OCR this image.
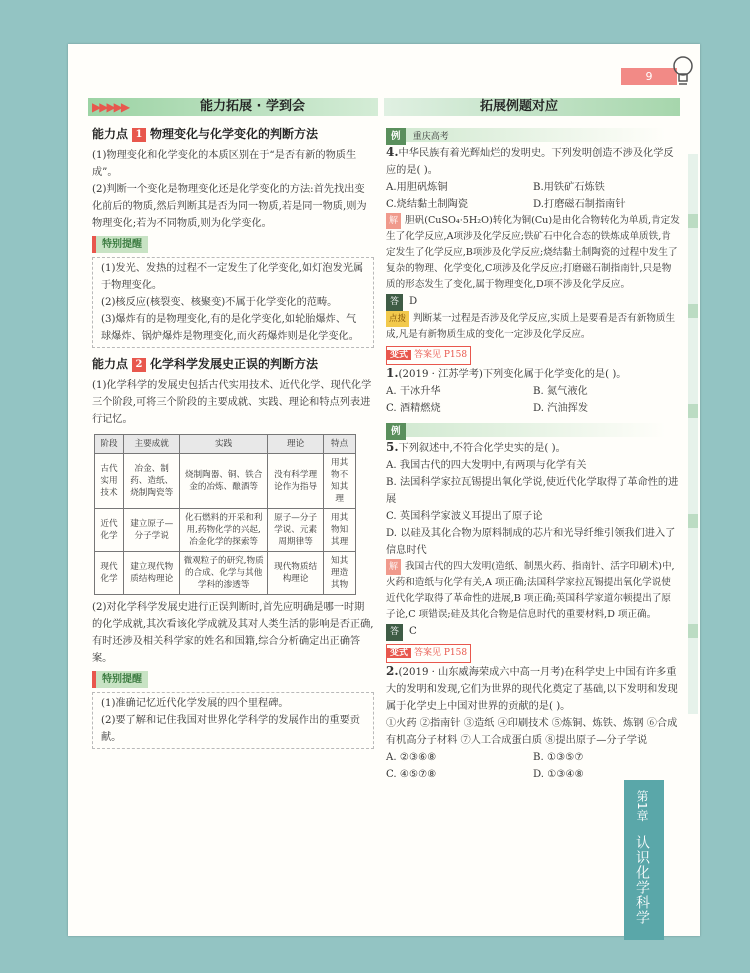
9
▶▶▶▶▶	能力拓展 · 学到会	拓展例题对应
能力点 1 物理变化与化学变化的判断方法
(1)物理变化和化学变化的本质区别在于“是否有新的物质生成”。
(2)判断一个变化是物理变化还是化学变化的方法:首先找出变化前后的物质,然后判断其是否为同一物质,若是同一物质,则为物理变化;若为不同物质,则为化学变化。
特别提醒
(1)发光、发热的过程不一定发生了化学变化,如灯泡发光属于物理变化。
(2)核反应(核裂变、核聚变)不属于化学变化的范畴。
(3)爆炸有的是物理变化,有的是化学变化,如轮胎爆炸、气球爆炸、锅炉爆炸是物理变化,而火药爆炸则是化学变化。
能力点 2 化学科学发展史正误的判断方法
(1)化学科学的发展史包括古代实用技术、近代化学、现代化学三个阶段,可将三个阶段的主要成就、实践、理论和特点列表进行记忆。
阶段	主要成就	实践	理论	特点
古代实用技术	冶金、制药、造纸、烧制陶瓷等	烧制陶器、铜、铁合金的冶炼、酿酒等	没有科学理论作为指导	用其物不知其理
近代化学	建立原子—分子学说	化石燃料的开采和利用,药物化学的兴起,冶金化学的探索等	原子—分子学说、元素周期律等	用其物知其理
现代化学	建立现代物质结构理论	微观粒子的研究,物质的合成、化学与其他学科的渗透等	现代物质结构理论	知其理造其物
(2)对化学科学发展史进行正误判断时,首先应明确是哪一时期的化学成就,其次看该化学成就及其对人类生活的影响是否正确,有时还涉及相关科学家的姓名和国籍,综合分析确定出正确答案。
特别提醒
(1)准确记忆近代化学发展的四个里程碑。
(2)要了解和记住我国对世界化学科学的发展作出的重要贡献。
例 重庆高考
4.中华民族有着光辉灿烂的发明史。下列发明创造不涉及化学反应的是( )。
A.用胆矾炼铜	B.用铁矿石炼铁
C.烧结黏土制陶瓷	D.打磨磁石制指南针
解 胆矾(CuSO₄·5H₂O)转化为铜(Cu)是由化合物转化为单质,肯定发生了化学反应,A项涉及化学反应;铁矿石中化合态的铁炼成单质铁,肯定发生了化学反应,B项涉及化学反应;烧结黏土制陶瓷的过程中发生了复杂的物理、化学变化,C项涉及化学反应;打磨磁石制指南针,只是物质的形态发生了变化,属于物理变化,D项不涉及化学反应。
答 D
点拨 判断某一过程是否涉及化学反应,实质上是要看是否有新物质生成,凡是有新物质生成的变化一定涉及化学反应。
变式 答案见 P158
1.(2019 · 江苏学考)下列变化属于化学变化的是( )。
A. 干冰升华	B. 氮气液化
C. 酒精燃烧	D. 汽油挥发
例
5.下列叙述中,不符合化学史实的是( )。
A. 我国古代的四大发明中,有两项与化学有关
B. 法国科学家拉瓦锡提出氧化学说,使近代化学取得了革命性的进展
C. 英国科学家波义耳提出了原子论
D. 以硅及其化合物为原料制成的芯片和光导纤维引领我们进入了信息时代
解 我国古代的四大发明(造纸、制黑火药、指南针、活字印刷术)中,火药和造纸与化学有关,A 项正确;法国科学家拉瓦锡提出氧化学说使近代化学取得了革命性的进展,B 项正确;英国科学家道尔顿提出了原子论,C 项错误;硅及其化合物是信息时代的重要材料,D 项正确。
答 C
变式 答案见 P158
2.(2019 · 山东威海荣成六中高一月考)在科学史上中国有许多重大的发明和发现,它们为世界的现代化奠定了基础,以下发明和发现属于化学史上中国对世界的贡献的是( )。
①火药 ②指南针 ③造纸 ④印刷技术 ⑤炼铜、炼铁、炼钢 ⑥合成有机高分子材料 ⑦人工合成蛋白质 ⑧提出原子—分子学说
A. ②③⑥⑧	B. ①③⑤⑦
C. ④⑤⑦⑧	D. ①③④⑧
第1章
认识化学科学
